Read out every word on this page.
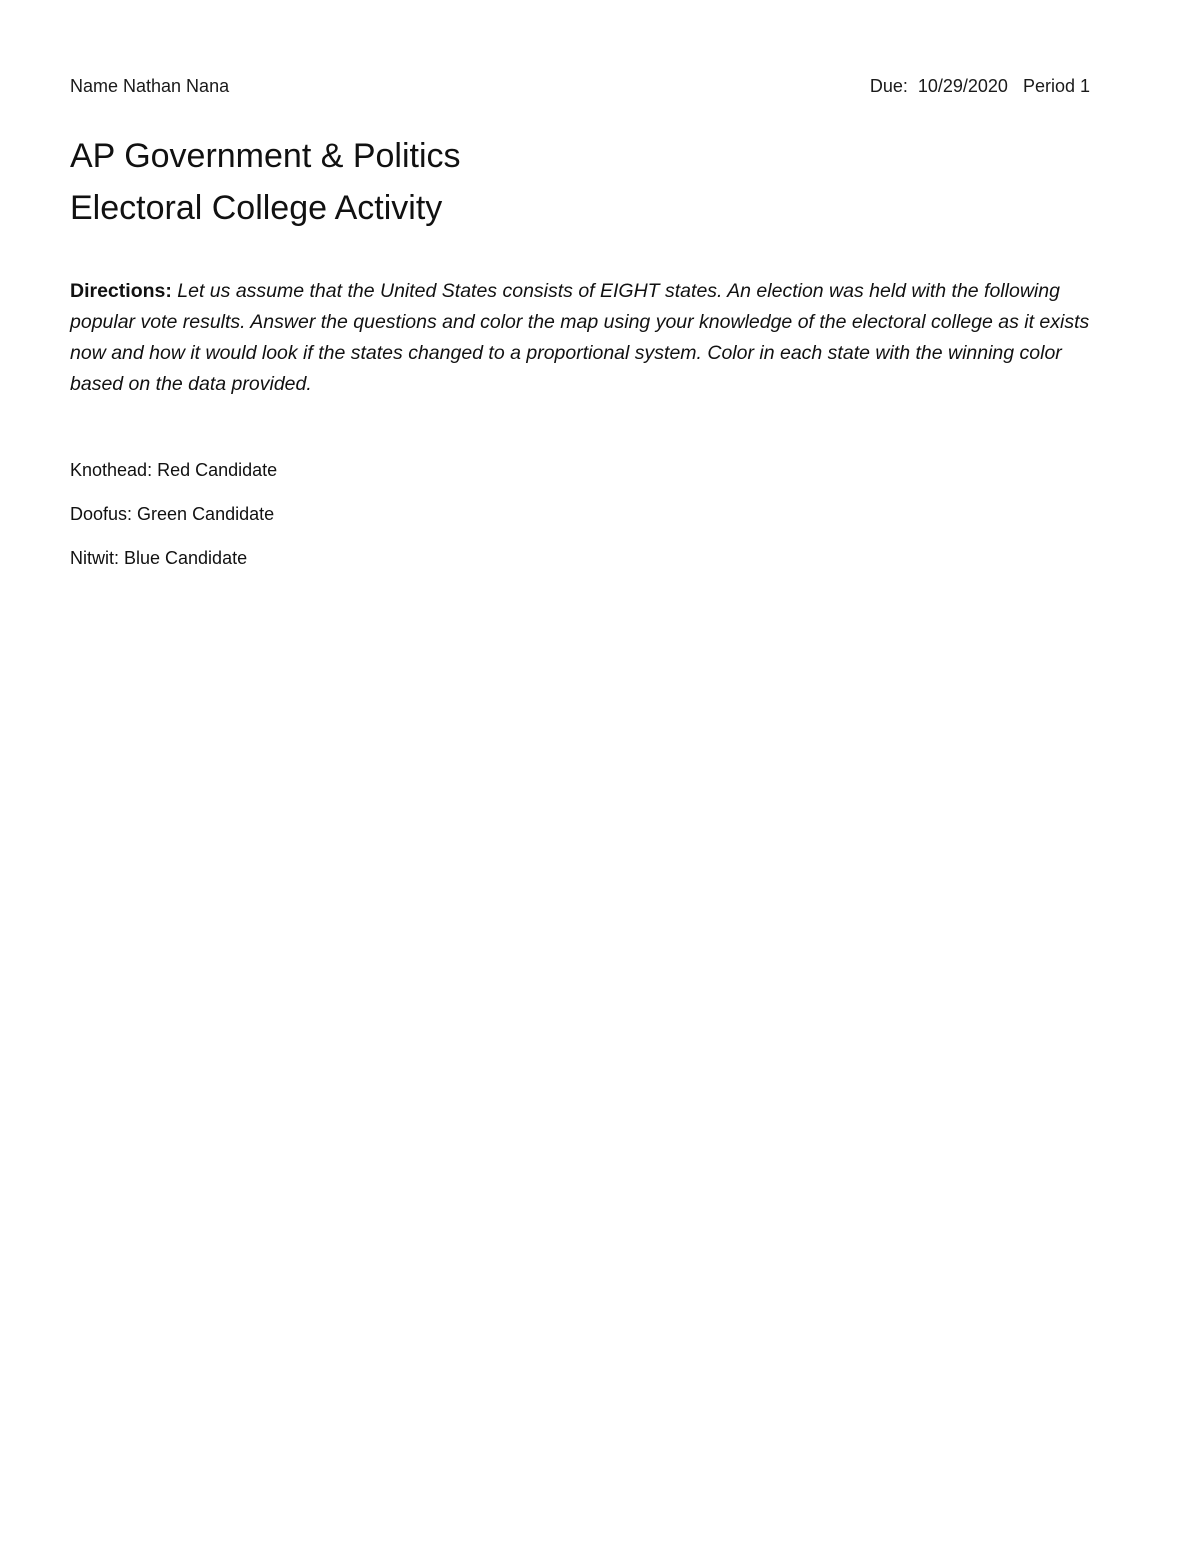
Name Nathan Nana	Due:  10/29/2020   Period 1
AP Government & Politics
Electoral College Activity
Directions: Let us assume that the United States consists of EIGHT states. An election was held with the following popular vote results. Answer the questions and color the map using your knowledge of the electoral college as it exists now and how it would look if the states changed to a proportional system. Color in each state with the winning color based on the data provided.
Knothead: Red Candidate
Doofus: Green Candidate
Nitwit: Blue Candidate
